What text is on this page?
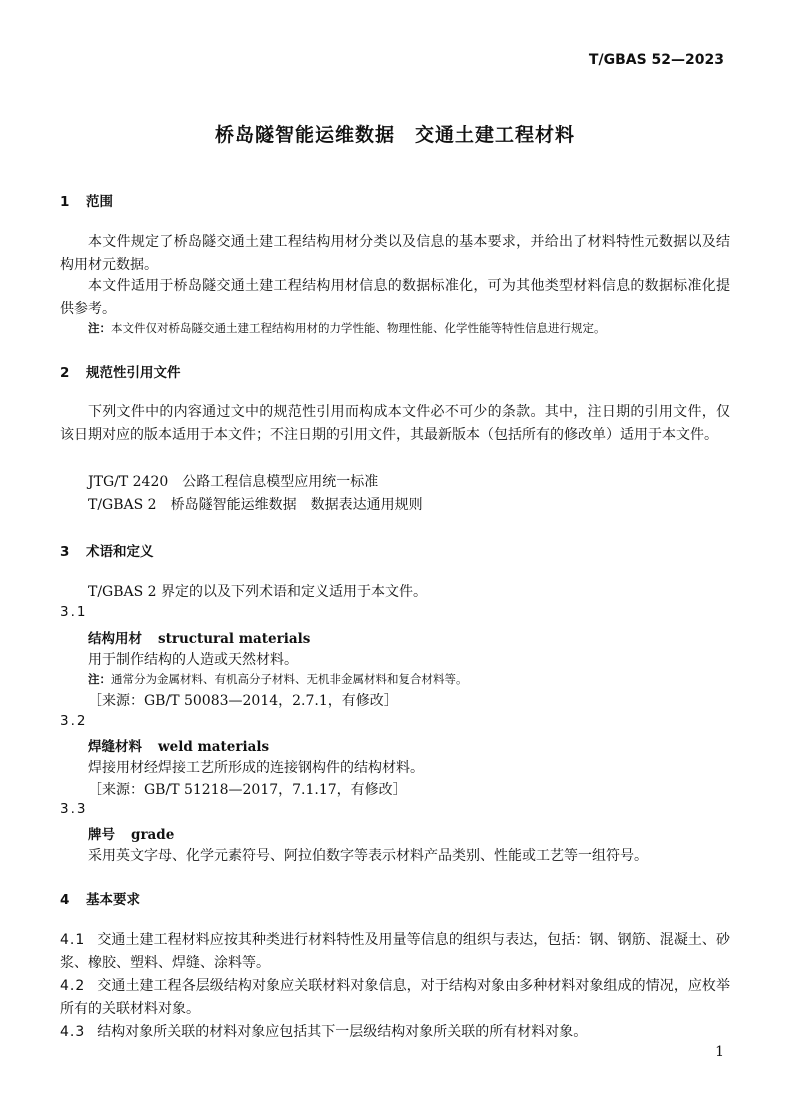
T/GBAS 52—2023
桥岛隧智能运维数据　交通土建工程材料
1 范围
本文件规定了桥岛隧交通土建工程结构用材分类以及信息的基本要求，并给出了材料特性元数据以及结构用材元数据。
本文件适用于桥岛隧交通土建工程结构用材信息的数据标准化，可为其他类型材料信息的数据标准化提供参考。
注：本文件仅对桥岛隧交通土建工程结构用材的力学性能、物理性能、化学性能等特性信息进行规定。
2 规范性引用文件
下列文件中的内容通过文中的规范性引用而构成本文件必不可少的条款。其中，注日期的引用文件，仅该日期对应的版本适用于本文件；不注日期的引用文件，其最新版本（包括所有的修改单）适用于本文件。
JTG/T 2420　公路工程信息模型应用统一标准
T/GBAS 2　桥岛隧智能运维数据　数据表达通用规则
3 术语和定义
T/GBAS 2 界定的以及下列术语和定义适用于本文件。
3.1
结构用材 structural materials
用于制作结构的人造或天然材料。
注：通常分为金属材料、有机高分子材料、无机非金属材料和复合材料等。
［来源：GB/T 50083—2014，2.7.1，有修改］
3.2
焊缝材料 weld materials
焊接用材经焊接工艺所形成的连接钢构件的结构材料。
［来源：GB/T 51218—2017，7.1.17，有修改］
3.3
牌号 grade
采用英文字母、化学元素符号、阿拉伯数字等表示材料产品类别、性能或工艺等一组符号。
4 基本要求
4.1 交通土建工程材料应按其种类进行材料特性及用量等信息的组织与表达，包括：钢、钢筋、混凝土、砂浆、橡胶、塑料、焊缝、涂料等。
4.2 交通土建工程各层级结构对象应关联材料对象信息，对于结构对象由多种材料对象组成的情况，应枚举所有的关联材料对象。
4.3 结构对象所关联的材料对象应包括其下一层级结构对象所关联的所有材料对象。
1
